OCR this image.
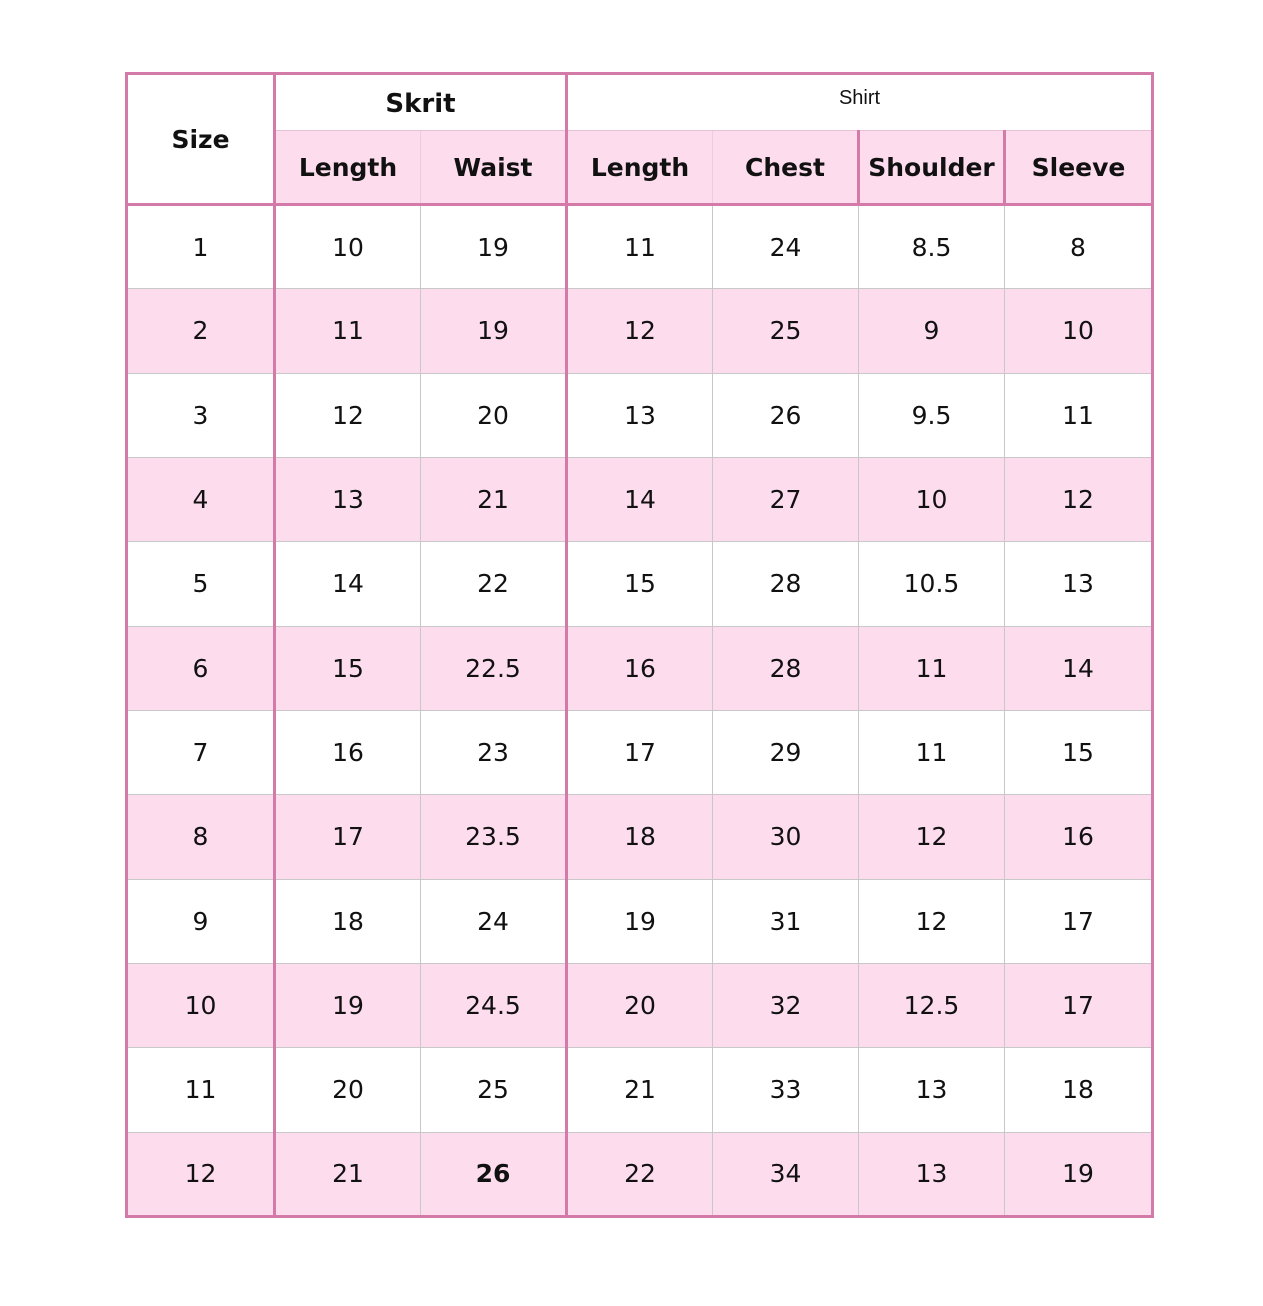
Size	Skrit		Shirt			
	Length	Waist	Length	Chest	Shoulder	Sleeve
1	10	19	11	24	8.5	8
2	11	19	12	25	9	10
3	12	20	13	26	9.5	11
4	13	21	14	27	10	12
5	14	22	15	28	10.5	13
6	15	22.5	16	28	11	14
7	16	23	17	29	11	15
8	17	23.5	18	30	12	16
9	18	24	19	31	12	17
10	19	24.5	20	32	12.5	17
11	20	25	21	33	13	18
12	21	26	22	34	13	19
